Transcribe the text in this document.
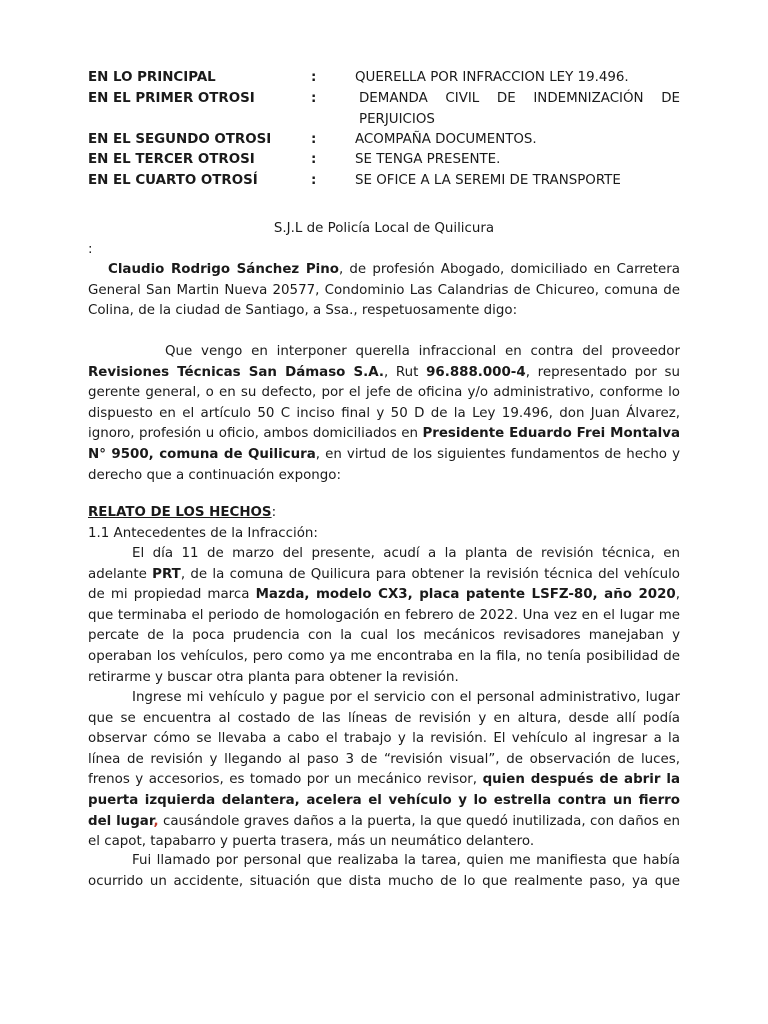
EN LO PRINCIPAL	:	QUERELLA POR INFRACCION LEY 19.496.
EN EL PRIMER OTROSI	:	DEMANDA CIVIL DE INDEMNIZACIÓN DE PERJUICIOS
EN EL SEGUNDO OTROSI	:	ACOMPAÑA DOCUMENTOS.
EN EL TERCER OTROSI	:	SE TENGA PRESENTE.
EN EL CUARTO OTROSÍ	:	SE OFICE A LA SEREMI DE TRANSPORTE
S.J.L de Policía Local de Quilicura
:
Claudio Rodrigo Sánchez Pino, de profesión Abogado, domiciliado en Carretera General San Martin Nueva 20577, Condominio Las Calandrias de Chicureo, comuna de Colina, de la ciudad de Santiago, a Ssa., respetuosamente digo:
Que vengo en interponer querella infraccional en contra del proveedor Revisiones Técnicas San Dámaso S.A., Rut 96.888.000-4, representado por su gerente general, o en su defecto, por el jefe de oficina y/o administrativo, conforme lo dispuesto en el artículo 50 C inciso final y 50 D de la Ley 19.496, don Juan Álvarez, ignoro, profesión u oficio, ambos domiciliados en Presidente Eduardo Frei Montalva N° 9500, comuna de Quilicura, en virtud de los siguientes fundamentos de hecho y derecho que a continuación expongo:
RELATO DE LOS HECHOS:
1.1 Antecedentes de la Infracción:
El día 11 de marzo del presente, acudí a la planta de revisión técnica, en adelante PRT, de la comuna de Quilicura para obtener la revisión técnica del vehículo de mi propiedad marca Mazda, modelo CX3, placa patente LSFZ-80, año 2020, que terminaba el periodo de homologación en febrero de 2022. Una vez en el lugar me percate de la poca prudencia con la cual los mecánicos revisadores manejaban y operaban los vehículos, pero como ya me encontraba en la fila, no tenía posibilidad de retirarme y buscar otra planta para obtener la revisión.
Ingrese mi vehículo y pague por el servicio con el personal administrativo, lugar que se encuentra al costado de las líneas de revisión y en altura, desde allí podía observar cómo se llevaba a cabo el trabajo y la revisión. El vehículo al ingresar a la línea de revisión y llegando al paso 3 de “revisión visual”, de observación de luces, frenos y accesorios, es tomado por un mecánico revisor, quien después de abrir la puerta izquierda delantera, acelera el vehículo y lo estrella contra un fierro del lugar, causándole graves daños a la puerta, la que quedó inutilizada, con daños en el capot, tapabarro y puerta trasera, más un neumático delantero.
Fui llamado por personal que realizaba la tarea, quien me manifiesta que había ocurrido un accidente, situación que dista mucho de lo que realmente paso, ya que
